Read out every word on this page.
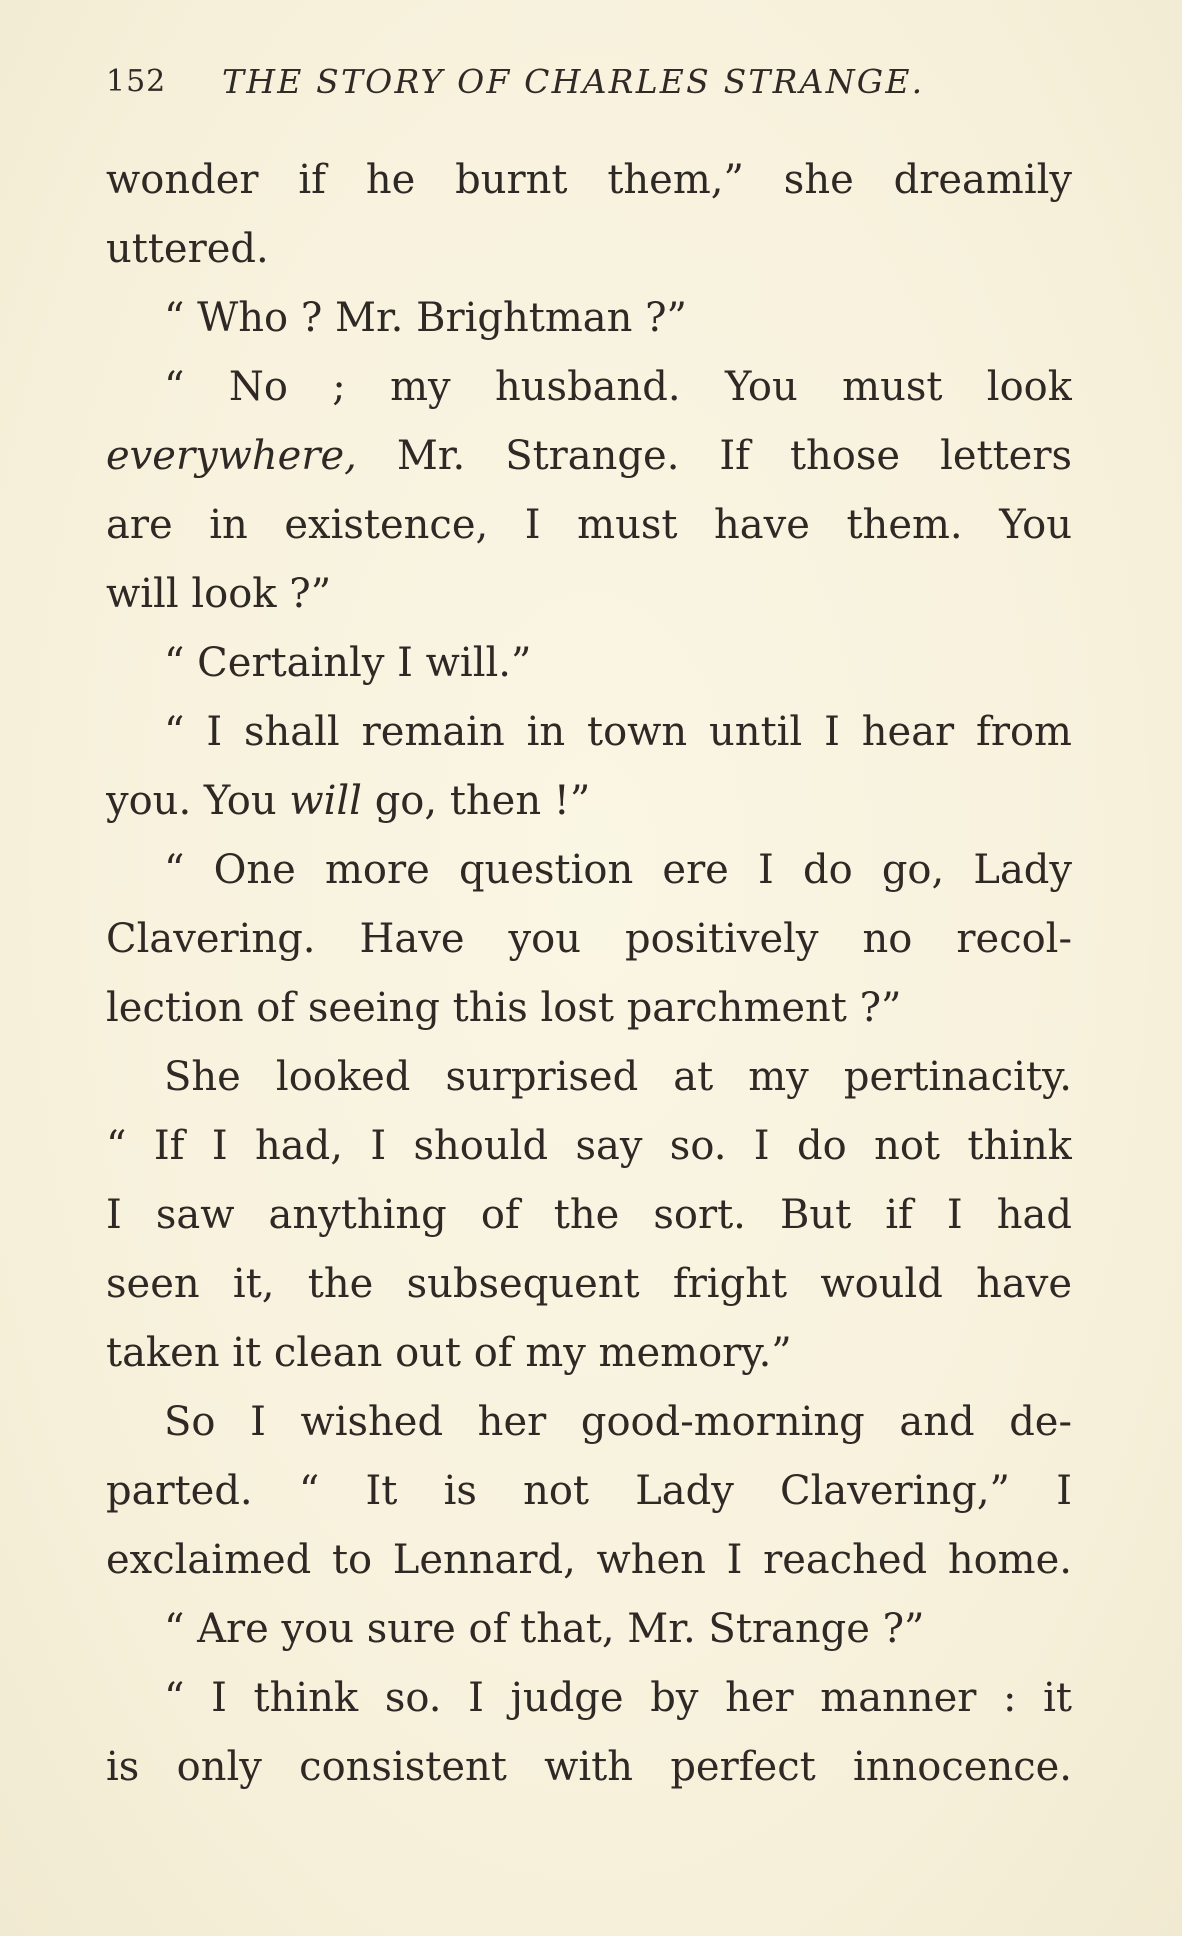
152 THE STORY OF CHARLES STRANGE.
wonder if he burnt them,” she dreamily
uttered.
“ Who ? Mr. Brightman ?”
“ No ; my husband. You must look
everywhere, Mr. Strange. If those letters
are in existence, I must have them. You
will look ?”
“ Certainly I will.”
“ I shall remain in town until I hear from
you. You will go, then !”
“ One more question ere I do go, Lady
Clavering. Have you positively no recol-
lection of seeing this lost parchment ?”
She looked surprised at my pertinacity.
“ If I had, I should say so. I do not think
I saw anything of the sort. But if I had
seen it, the subsequent fright would have
taken it clean out of my memory.”
So I wished her good-morning and de-
parted. “ It is not Lady Clavering,” I
exclaimed to Lennard, when I reached home.
“ Are you sure of that, Mr. Strange ?”
“ I think so. I judge by her manner : it
is only consistent with perfect innocence.
